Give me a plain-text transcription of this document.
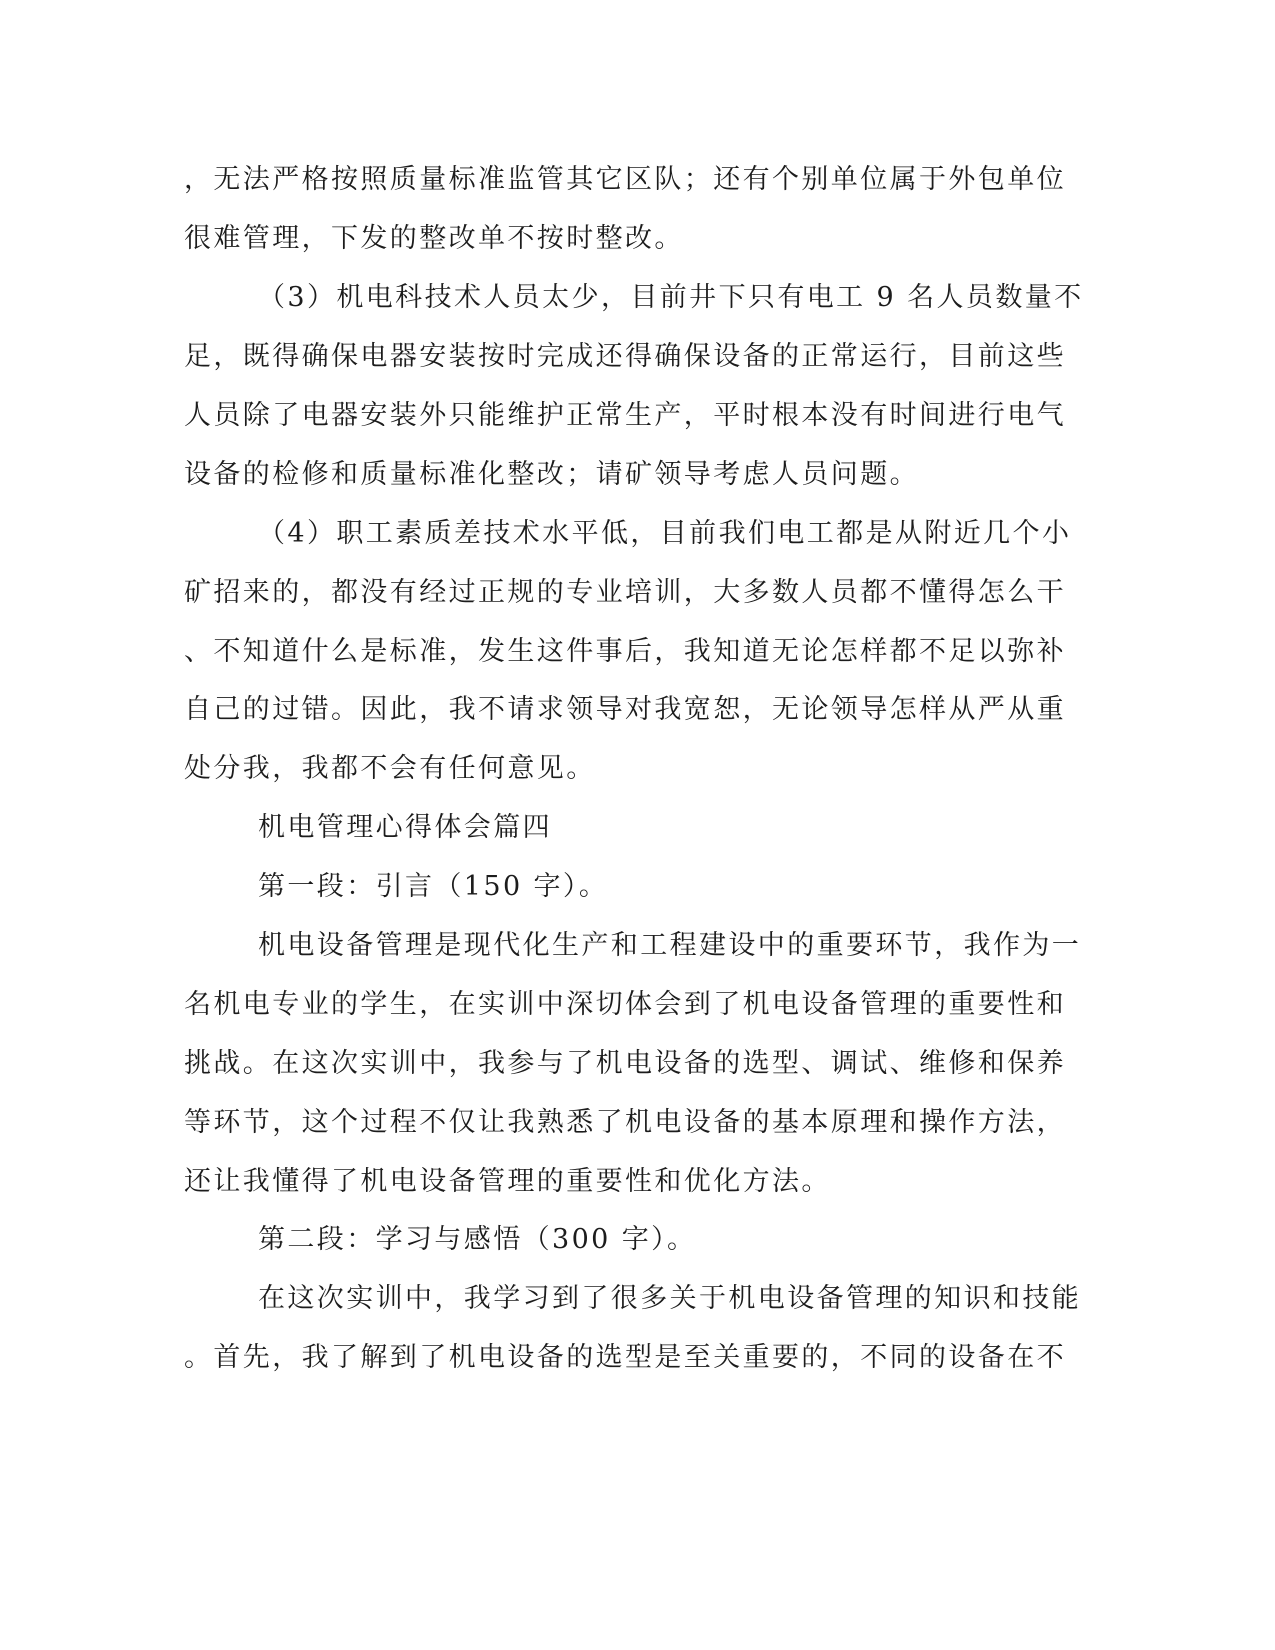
，无法严格按照质量标准监管其它区队；还有个别单位属于外包单位

很难管理，下发的整改单不按时整改。

（3）机电科技术人员太少，目前井下只有电工 9 名人员数量不

足，既得确保电器安装按时完成还得确保设备的正常运行，目前这些

人员除了电器安装外只能维护正常生产，平时根本没有时间进行电气

设备的检修和质量标准化整改；请矿领导考虑人员问题。

（4）职工素质差技术水平低，目前我们电工都是从附近几个小

矿招来的，都没有经过正规的专业培训，大多数人员都不懂得怎么干

、不知道什么是标准，发生这件事后，我知道无论怎样都不足以弥补

自己的过错。因此，我不请求领导对我宽恕，无论领导怎样从严从重

处分我，我都不会有任何意见。

机电管理心得体会篇四

第一段：引言（150 字）。

机电设备管理是现代化生产和工程建设中的重要环节，我作为一

名机电专业的学生，在实训中深切体会到了机电设备管理的重要性和

挑战。在这次实训中，我参与了机电设备的选型、调试、维修和保养

等环节，这个过程不仅让我熟悉了机电设备的基本原理和操作方法，

还让我懂得了机电设备管理的重要性和优化方法。

第二段：学习与感悟（300 字）。

在这次实训中，我学习到了很多关于机电设备管理的知识和技能

。首先，我了解到了机电设备的选型是至关重要的，不同的设备在不
